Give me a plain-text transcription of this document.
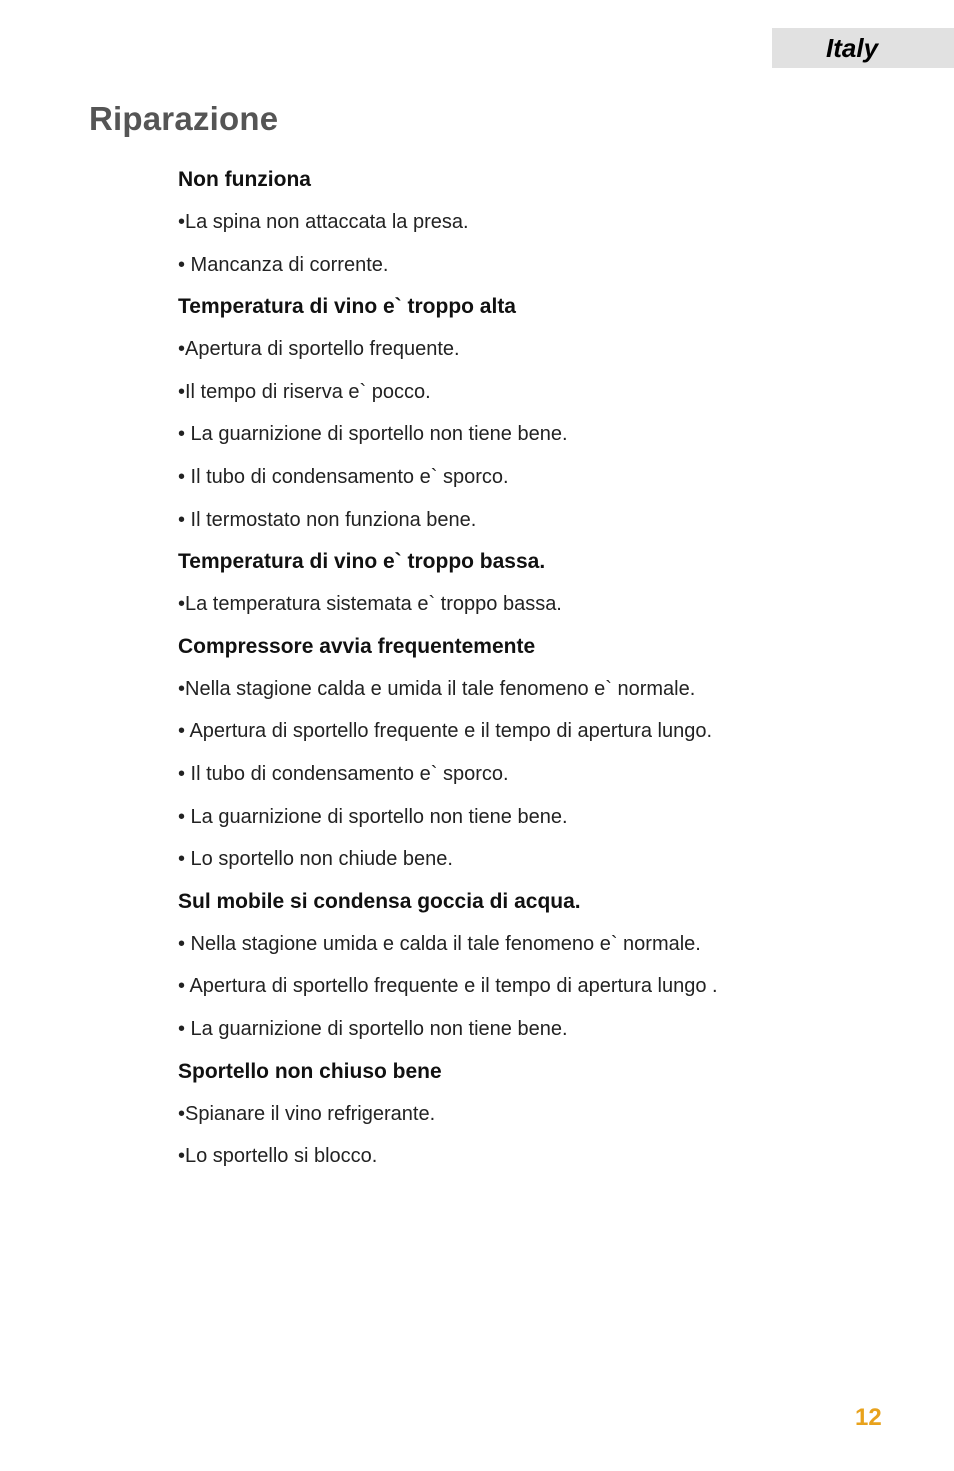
Italy
Riparazione
Non funziona
•La spina non attaccata la presa.
• Mancanza di corrente.
Temperatura di vino e` troppo alta
•Apertura di sportello frequente.
•Il tempo di riserva e` pocco.
• La guarnizione di sportello non tiene bene.
• Il tubo di condensamento e` sporco.
• Il termostato non funziona bene.
Temperatura di vino e` troppo bassa.
•La temperatura sistemata e` troppo bassa.
Compressore avvia frequentemente
•Nella stagione calda e umida il tale fenomeno e` normale.
• Apertura di sportello frequente e il tempo di apertura lungo.
• Il tubo di condensamento e` sporco.
• La guarnizione di sportello non tiene bene.
• Lo sportello non chiude bene.
Sul mobile si condensa goccia di acqua.
• Nella stagione umida e calda il tale fenomeno e` normale.
• Apertura di sportello frequente e il tempo di apertura lungo .
• La guarnizione di sportello non tiene bene.
Sportello non chiuso bene
•Spianare il vino refrigerante.
•Lo sportello si blocco.
12
